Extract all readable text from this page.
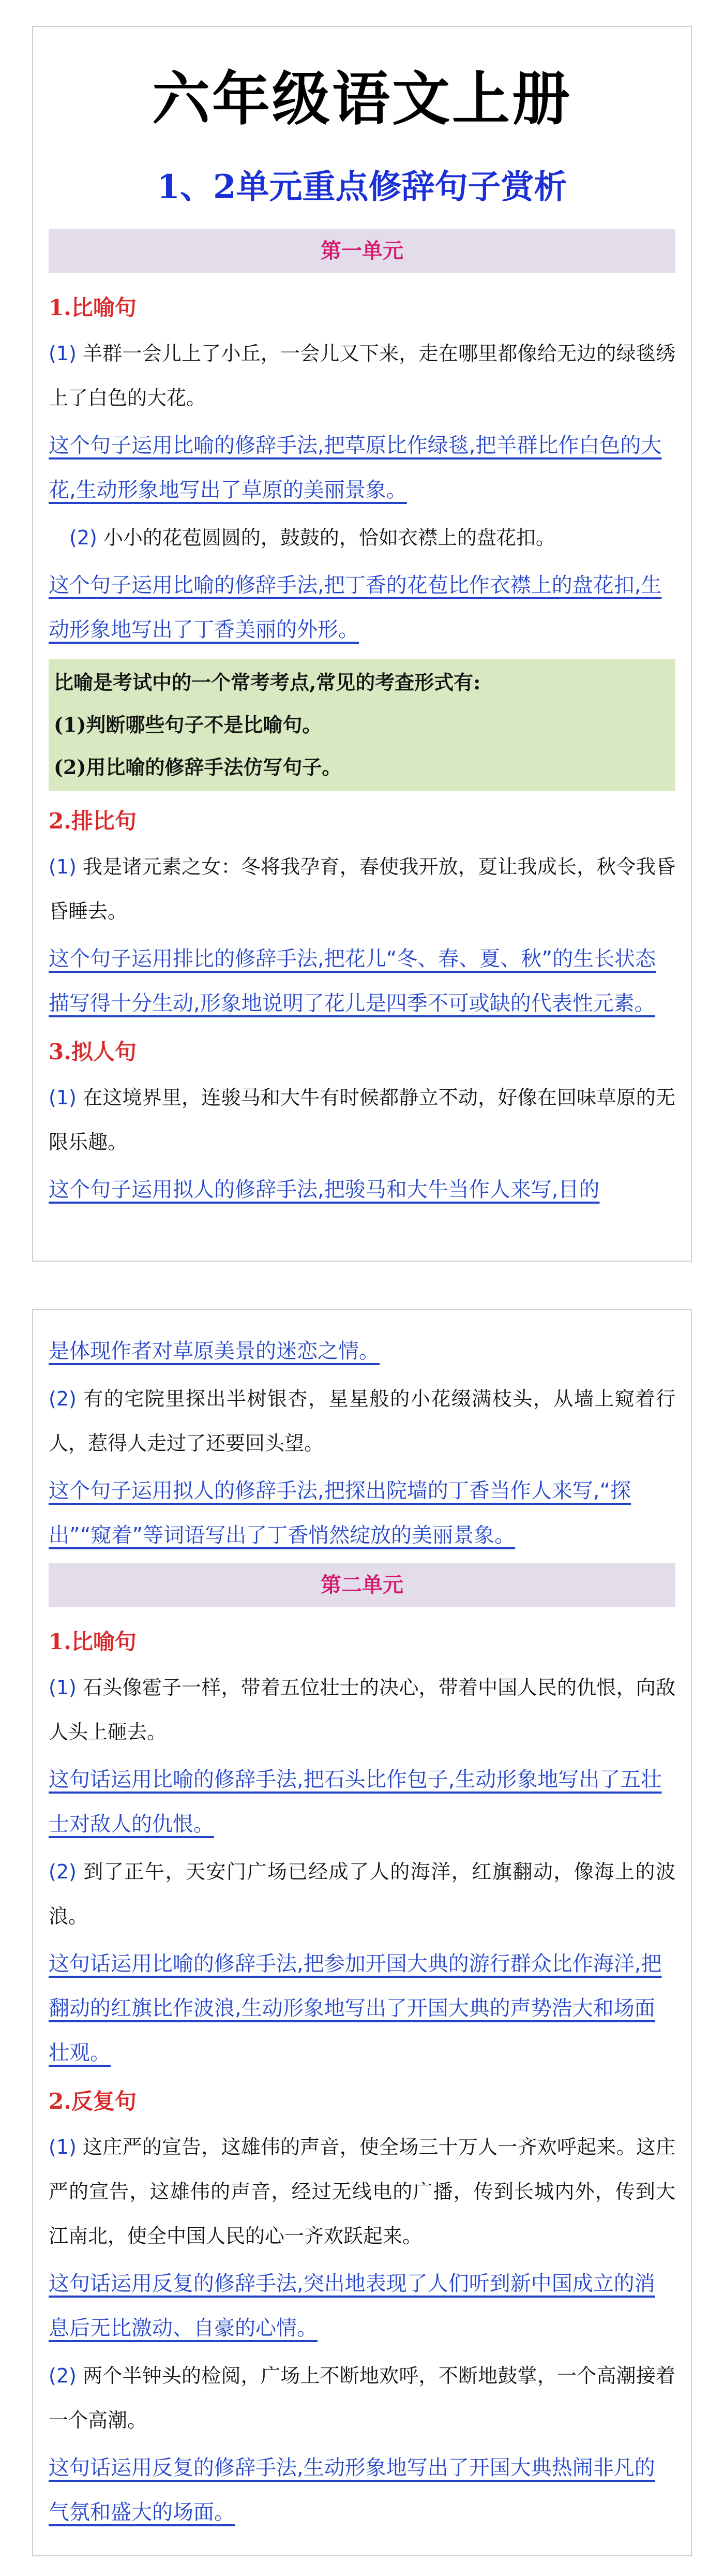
六年级语文上册
1、2单元重点修辞句子赏析
第一单元

1.比喻句

(1) 羊群一会儿上了小丘，一会儿又下来，走在哪里都像给无边的绿毯绣上了白色的大花。

这个句子运用比喻的修辞手法,把草原比作绿毯,把羊群比作白色的大花,生动形象地写出了草原的美丽景象。

(2) 小小的花苞圆圆的，鼓鼓的，恰如衣襟上的盘花扣。

这个句子运用比喻的修辞手法,把丁香的花苞比作衣襟上的盘花扣,生动形象地写出了丁香美丽的外形。

比喻是考试中的一个常考考点,常见的考查形式有:

(1)判断哪些句子不是比喻句。

(2)用比喻的修辞手法仿写句子。

2.排比句

(1) 我是诸元素之女：冬将我孕育，春使我开放，夏让我成长，秋令我昏昏睡去。

这个句子运用排比的修辞手法,把花儿“冬、春、夏、秋”的生长状态描写得十分生动,形象地说明了花儿是四季不可或缺的代表性元素。

3.拟人句

(1) 在这境界里，连骏马和大牛有时候都静立不动，好像在回味草原的无限乐趣。

这个句子运用拟人的修辞手法,把骏马和大牛当作人来写,目的

是体现作者对草原美景的迷恋之情。

(2) 有的宅院里探出半树银杏，星星般的小花缀满枝头，从墙上窥着行人，惹得人走过了还要回头望。

这个句子运用拟人的修辞手法,把探出院墙的丁香当作人来写,“探出”“窥着”等词语写出了丁香悄然绽放的美丽景象。

第二单元

1.比喻句

(1) 石头像雹子一样，带着五位壮士的决心，带着中国人民的仇恨，向敌人头上砸去。

这句话运用比喻的修辞手法,把石头比作包子,生动形象地写出了五壮士对敌人的仇恨。

(2) 到了正午，天安门广场已经成了人的海洋，红旗翻动，像海上的波浪。

这句话运用比喻的修辞手法,把参加开国大典的游行群众比作海洋,把翻动的红旗比作波浪,生动形象地写出了开国大典的声势浩大和场面壮观。

2.反复句

(1) 这庄严的宣告，这雄伟的声音，使全场三十万人一齐欢呼起来。这庄严的宣告，这雄伟的声音，经过无线电的广播，传到长城内外，传到大江南北，使全中国人民的心一齐欢跃起来。

这句话运用反复的修辞手法,突出地表现了人们听到新中国成立的消息后无比激动、自豪的心情。

(2) 两个半钟头的检阅，广场上不断地欢呼，不断地鼓掌，一个高潮接着一个高潮。

这句话运用反复的修辞手法,生动形象地写出了开国大典热闹非凡的气氛和盛大的场面。
